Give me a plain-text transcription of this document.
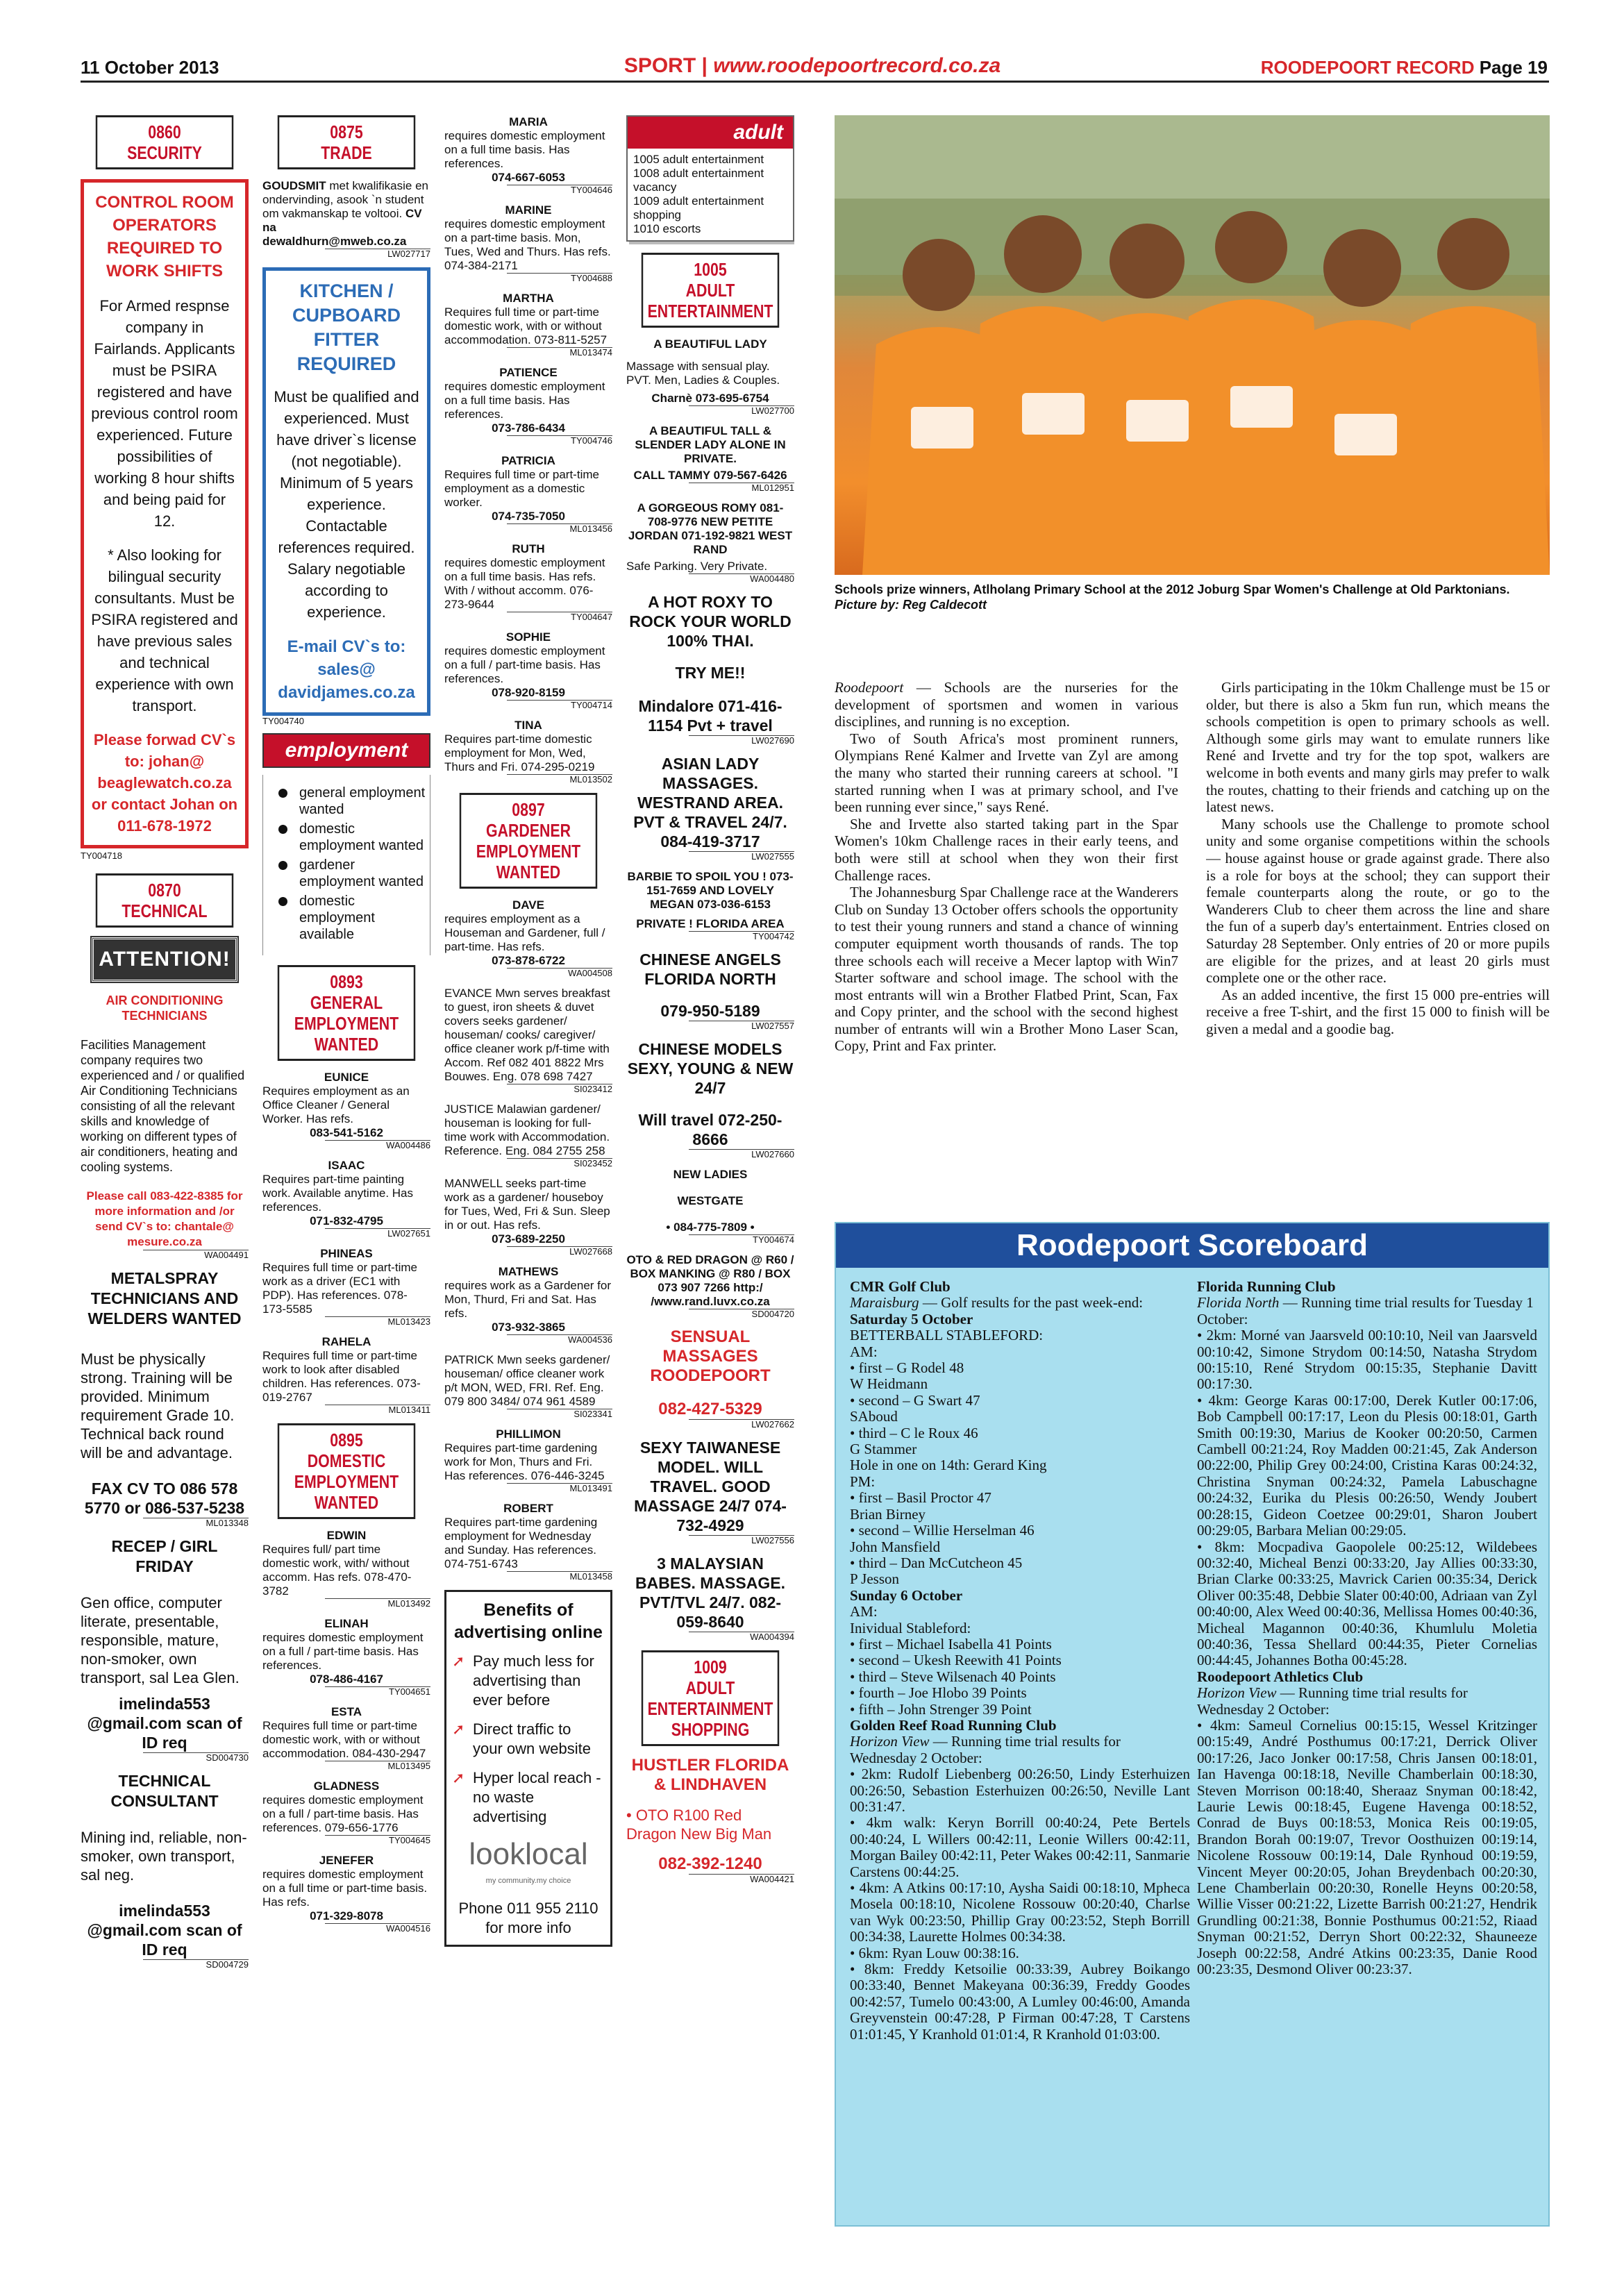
11 October 2013	SPORT | www.roodepoortrecord.co.za	ROODEPOORT RECORD Page 19
0860
SECURITY
CONTROL ROOM OPERATORS REQUIRED TO WORK SHIFTS
For Armed respnse company in Fairlands. Applicants must be PSIRA registered and have previous control room experienced. Future possibilities of working 8 hour shifts and being paid for 12.
* Also looking for bilingual security consultants. Must be PSIRA registered and have previous sales and technical experience with own transport.
Please forwad CV`s to: johan@ beaglewatch.co.za or contact Johan on 011-678-1972
TY004718
0870
TECHNICAL
ATTENTION!
AIR CONDITIONING TECHNICIANS
Facilities Management company requires two experienced and / or qualified Air Conditioning Technicians consisting of all the relevant skills and knowledge of working on different types of air conditioners, heating and cooling systems.
Please call 083-422-8385 for more information and /or send CV`s to: chantale@ mesure.co.za
WA004491
METALSPRAY TECHNICIANS AND WELDERS WANTED
Must be physically strong. Training will be provided. Minimum requirement Grade 10. Technical back round will be and advantage.
FAX CV TO 086 578 5770 or 086-537-5238
ML013348
RECEP / GIRL FRIDAY
Gen office, computer literate, presentable, responsible, mature, non-smoker, own transport, sal Lea Glen.
imelinda553 @gmail.com scan of ID req
SD004730
TECHNICAL CONSULTANT
Mining ind, reliable, non-smoker, own transport, sal neg.
imelinda553 @gmail.com scan of ID req
SD004729
0875
TRADE
GOUDSMIT met kwalifikasie en ondervinding, asook `n student om vakmanskap te voltooi. CV na
dewaldhurn@mweb.co.za
LW027717
KITCHEN / CUPBOARD FITTER REQUIRED
Must be qualified and experienced. Must have driver`s license (not negotiable). Minimum of 5 years experience. Contactable references required. Salary negotiable according to experience.
E-mail CV`s to: sales@ davidjames.co.za
TY004740
employment
general employment wanted
domestic employment wanted
gardener employment wanted
domestic employment available
0893
GENERAL
EMPLOYMENT
WANTED
EUNICE
Requires employment as an Office Cleaner / General Worker. Has refs.
083-541-5162
WA004486
ISAAC
Requires part-time painting work. Available anytime. Has references.
071-832-4795
LW027651
PHINEAS
Requires full time or part-time work as a driver (EC1 with PDP). Has references. 078-173-5585
ML013423
RAHELA
Requires full time or part-time work to look after disabled children. Has references. 073-019-2767
ML013411
0895
DOMESTIC
EMPLOYMENT
WANTED
EDWIN
Requires full/ part time domestic work, with/ without accomm. Has refs. 078-470-3782
ML013492
ELINAH
requires domestic employment on a full / part-time basis. Has references.
078-486-4167
TY004651
ESTA
Requires full time or part-time domestic work, with or without accommodation. 084-430-2947
ML013495
GLADNESS
requires domestic employment on a full / part-time basis. Has references. 079-656-1776
TY004645
JENEFER
requires domestic employment on a full time or part-time basis. Has refs.
071-329-8078
WA004516
MARIA
requires domestic employment on a full time basis. Has references.
074-667-6053
TY004646
MARINE
requires domestic employment on a part-time basis. Mon, Tues, Wed and Thurs. Has refs. 074-384-2171
TY004688
MARTHA
Requires full time or part-time domestic work, with or without accommodation. 073-811-5257
ML013474
PATIENCE
requires domestic employment on a full time basis. Has references.
073-786-6434
TY004746
PATRICIA
Requires full time or part-time employment as a domestic worker.
074-735-7050
ML013456
RUTH
requires domestic employment on a full time basis. Has refs. With / without accomm. 076-273-9644
TY004647
SOPHIE
requires domestic employment on a full / part-time basis. Has references.
078-920-8159
TY004714
TINA
Requires part-time domestic employment for Mon, Wed, Thurs and Fri. 074-295-0219
ML013502
0897
GARDENER
EMPLOYMENT
WANTED
DAVE
requires employment as a Houseman and Gardener, full / part-time. Has refs.
073-878-6722
WA004508
EVANCE Mwn serves breakfast to guest, iron sheets & duvet covers seeks gardener/ houseman/ cooks/ caregiver/ office cleaner work p/f-time with Accom. Ref 082 401 8822 Mrs Bouwes. Eng. 078 698 7427
SI023412
JUSTICE Malawian gardener/ houseman is looking for full-time work with Accommodation. Reference. Eng. 084 2755 258
SI023452
MANWELL seeks part-time work as a gardener/ houseboy for Tues, Wed, Fri & Sun. Sleep in or out. Has refs.
073-689-2250
LW027668
MATHEWS
requires work as a Gardener for Mon, Thurd, Fri and Sat. Has refs.
073-932-3865
WA004536
PATRICK Mwn seeks gardener/ houseman/ office cleaner work p/t MON, WED, FRI. Ref. Eng. 079 800 3484/ 074 961 4589
SI023341
PHILLIMON
Requires part-time gardening work for Mon, Thurs and Fri. Has references. 076-446-3245
ML013491
ROBERT
Requires part-time gardening employment for Wednesday and Sunday. Has references. 074-751-6743
ML013458
Benefits of advertising online
➚ Pay much less for advertising than ever before
➚ Direct traffic to your own website
➚ Hyper local reach - no waste advertising
looklocal
my community.my choice
Phone 011 955 2110 for more info
adult
1005 adult entertainment
1008 adult entertainment vacancy
1009 adult entertainment shopping
1010 escorts
1005
ADULT
ENTERTAINMENT
A BEAUTIFUL LADY
Massage with sensual play. PVT. Men, Ladies & Couples.
Charnè 073-695-6754
LW027700
A BEAUTIFUL TALL & SLENDER LADY ALONE IN PRIVATE.
CALL TAMMY 079-567-6426
ML012951
A GORGEOUS ROMY 081-708-9776 NEW PETITE JORDAN 071-192-9821 WEST RAND
Safe Parking. Very Private.
WA004480
A HOT ROXY TO ROCK YOUR WORLD 100% THAI.
TRY ME!!
Mindalore 071-416-1154 Pvt + travel
LW027690
ASIAN LADY MASSAGES. WESTRAND AREA. PVT & TRAVEL 24/7. 084-419-3717
LW027555
BARBIE TO SPOIL YOU ! 073-151-7659 AND LOVELY MEGAN 073-036-6153
PRIVATE ! FLORIDA AREA
TY004742
CHINESE ANGELS FLORIDA NORTH
079-950-5189
LW027557
CHINESE MODELS SEXY, YOUNG & NEW 24/7
Will travel 072-250-8666
LW027660
NEW LADIES
WESTGATE
• 084-775-7809 •
TY004674
OTO & RED DRAGON @ R60 / BOX MANKING @ R80 / BOX 073 907 7266 http:/ /www.rand.luvx.co.za
SD004720
SENSUAL MASSAGES ROODEPOORT
082-427-5329
LW027662
SEXY TAIWANESE MODEL. WILL TRAVEL. GOOD MASSAGE 24/7 074-732-4929
LW027556
3 MALAYSIAN BABES. MASSAGE. PVT/TVL 24/7. 082-059-8640
WA004394
1009
ADULT
ENTERTAINMENT
SHOPPING
HUSTLER FLORIDA & LINDHAVEN
• OTO R100 Red Dragon New Big Man
082-392-1240
WA004421
Schools prize winners, Atlholang Primary School at the 2012 Joburg Spar Women's Challenge at Old Parktonians. Picture by: Reg Caldecott

Roodepoort — Schools are the nurseries for the development of sportsmen and women in various disciplines, and running is no exception.

Two of South Africa's most prominent runners, Olympians René Kalmer and Irvette van Zyl are among the many who started their running careers at school. "I started running when I was at primary school, and I've been running ever since," says René.

She and Irvette also started taking part in the Spar Women's 10km Challenge races in their early teens, and both were still at school when they won their first Challenge races.

The Johannesburg Spar Challenge race at the Wanderers Club on Sunday 13 October offers schools the opportunity to test their young runners and stand a chance of winning computer equipment worth thousands of rands. The top three schools each will receive a Mecer laptop with Win7 Starter software and school image. The school with the most entrants will win a Brother Flatbed Print, Scan, Fax and Copy printer, and the school with the second highest number of entrants will win a Brother Mono Laser Scan, Copy, Print and Fax printer.

Girls participating in the 10km Challenge must be 15 or older, but there is also a 5km fun run, which means the schools competition is open to primary schools as well. Although some girls may want to emulate runners like René and Irvette and try for the top spot, walkers are welcome in both events and many girls may prefer to walk the routes, chatting to their friends and catching up on the latest news.

Many schools use the Challenge to promote school unity and some organise competitions within the schools — house against house or grade against grade. There also is a role for boys at the school; they can support their female counterparts along the route, or go to the Wanderers Club to cheer them across the line and share the fun of a superb day's entertainment. Entries closed on Saturday 28 September. Only entries of 20 or more pupils are eligible for the prizes, and at least 20 girls must complete one or the other race.

As an added incentive, the first 15 000 pre-entries will receive a free T-shirt, and the first 15 000 to finish will be given a medal and a goodie bag.

Roodepoort Scoreboard
CMR Golf Club
Maraisburg — Golf results for the past week-end:
Saturday 5 October
BETTERBALL STABLEFORD:
AM:
• first – G Rodel 48
W Heidmann
• second – G Swart 47
SAboud
• third – C le Roux 46
G Stammer
Hole in one on 14th: Gerard King
PM:
• first – Basil Proctor 47
Brian Birney
• second – Willie Herselman 46
John Mansfield
• third – Dan McCutcheon 45
P Jesson
Sunday 6 October
AM:
Inividual Stableford:
• first – Michael Isabella 41 Points
• second – Ukesh Reewith 41 Points
• third – Steve Wilsenach 40 Points
• fourth – Joe Hlobo 39 Points
• fifth – John Strenger 39 Point
Golden Reef Road Running Club
Horizon View — Running time trial results for Wednesday 2 October:
• 2km: Rudolf Liebenberg 00:26:50, Lindy Esterhuizen 00:26:50, Sebastion Esterhuizen 00:26:50, Neville Lant 00:31:47.
• 4km walk: Keryn Borrill 00:40:24, Pete Bertels 00:40:24, L Willers 00:42:11, Leonie Willers 00:42:11, Morgan Bailey 00:42:11, Peter Wakes 00:42:11, Sanmarie Carstens 00:44:25.
• 4km: A Atkins 00:17:10, Aysha Saidi 00:18:10, Mpheca Mosela 00:18:10, Nicolene Rossouw 00:20:40, Charlse van Wyk 00:23:50, Phillip Gray 00:23:52, Steph Borrill 00:34:38, Laurette Holmes 00:34:38.
• 6km: Ryan Louw 00:38:16.
• 8km: Freddy Ketsoilie 00:33:39, Aubrey Boikango 00:33:40, Bennet Makeyana 00:36:39, Freddy Goodes 00:42:57, Tumelo 00:43:00, A Lumley 00:46:00, Amanda Greyvenstein 00:47:28, P Firman 00:47:28, T Carstens 01:01:45, Y Kranhold 01:01:4, R Kranhold 01:03:00.
Florida Running Club
Florida North — Running time trial results for Tuesday 1 October:
• 2km: Morné van Jaarsveld 00:10:10, Neil van Jaarsveld 00:10:42, Simone Strydom 00:14:50, Natasha Strydom 00:15:10, René Strydom 00:15:35, Stephanie Davitt 00:17:30.
• 4km: George Karas 00:17:00, Derek Kutler 00:17:06, Bob Campbell 00:17:17, Leon du Plesis 00:18:01, Garth Smith 00:19:30, Marius de Kooker 00:20:50, Carmen Cambell 00:21:24, Roy Madden 00:21:45, Zak Anderson 00:22:00, Philip Grey 00:24:00, Cristina Karas 00:24:32, Christina Snyman 00:24:32, Pamela Labuschagne 00:24:32, Eurika du Plesis 00:26:50, Wendy Joubert 00:28:15, Gideon Coetzee 00:29:01, Sharon Joubert 00:29:05, Barbara Melian 00:29:05.
• 8km: Mocpadiva Gaopolele 00:25:12, Wildebees 00:32:40, Micheal Benzi 00:33:20, Jay Allies 00:33:30, Brian Clarke 00:33:25, Mavrick Carien 00:35:34, Derick Oliver 00:35:48, Debbie Slater 00:40:00, Adriaan van Zyl 00:40:00, Alex Weed 00:40:36, Mellissa Homes 00:40:36, Micheal Magannon 00:40:36, Khumlulu Moletia 00:40:36, Tessa Shellard 00:44:35, Pieter Cornelias 00:44:45, Johannes Botha 00:45:28.
Roodepoort Athletics Club
Horizon View — Running time trial results for Wednesday 2 October:
• 4km: Sameul Cornelius 00:15:15, Wessel Kritzinger 00:15:49, André Posthumus 00:17:21, Derrick Oliver 00:17:26, Jaco Jonker 00:17:58, Chris Jansen 00:18:01, Ian Havenga 00:18:18, Neville Chamberlain 00:18:30, Steven Morrison 00:18:40, Sheraaz Snyman 00:18:42, Laurie Lewis 00:18:45, Eugene Havenga 00:18:52, Conrad de Buys 00:18:53, Monica Reis 00:19:05, Brandon Borah 00:19:07, Trevor Oosthuizen 00:19:14, Nicolene Rossouw 00:19:14, Dale Rynhoud 00:19:59, Vincent Meyer 00:20:05, Johan Breydenbach 00:20:30, Lene Chamberlain 00:20:30, Ronelle Heyns 00:20:58, Willie Visser 00:21:22, Lizette Barrish 00:21:27, Hendrik Grundling 00:21:38, Bonnie Posthumus 00:21:52, Riaad Snyman 00:21:52, Derryn Short 00:22:32, Shauneeze Joseph 00:22:58, André Atkins 00:23:35, Danie Rood 00:23:35, Desmond Oliver 00:23:37.
